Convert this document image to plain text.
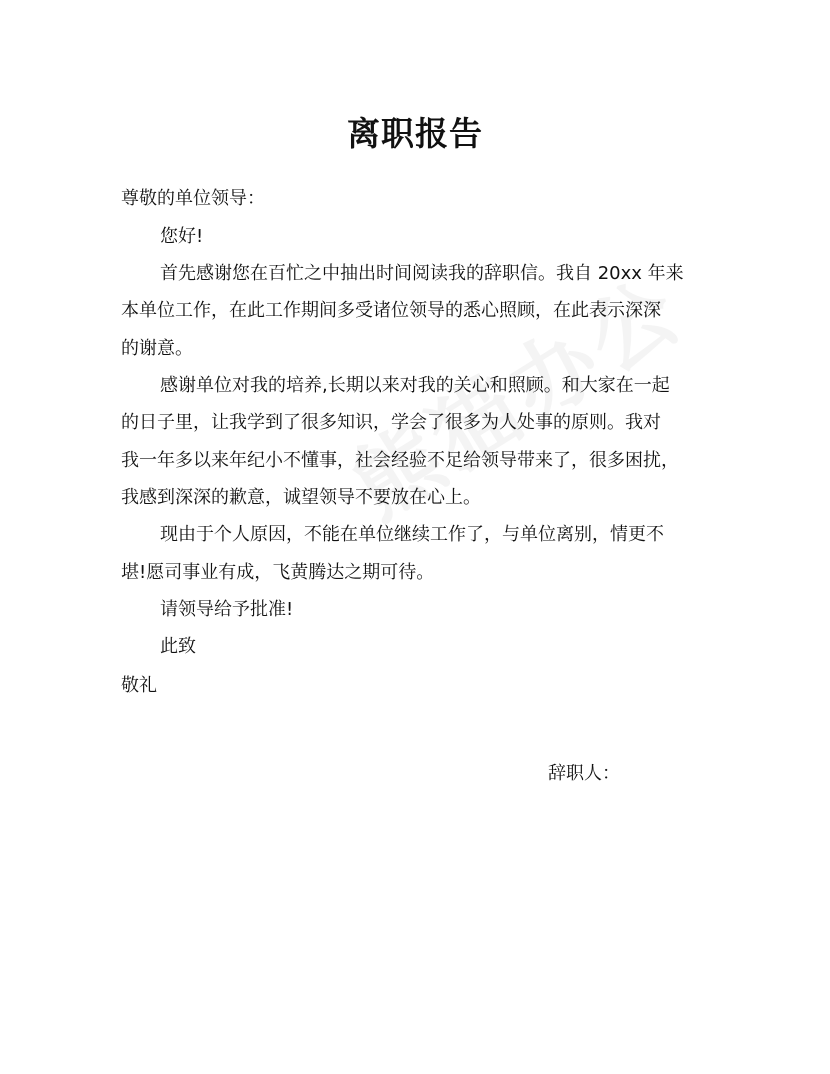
离职报告
尊敬的单位领导：
您好!
首先感谢您在百忙之中抽出时间阅读我的辞职信。我自 20xx 年来
本单位工作，在此工作期间多受诸位领导的悉心照顾，在此表示深深
的谢意。
感谢单位对我的培养,长期以来对我的关心和照顾。和大家在一起
的日子里，让我学到了很多知识，学会了很多为人处事的原则。我对
我一年多以来年纪小不懂事，社会经验不足给领导带来了，很多困扰，
我感到深深的歉意，诚望领导不要放在心上。
现由于个人原因，不能在单位继续工作了，与单位离别，情更不
堪!愿司事业有成，飞黄腾达之期可待。
请领导给予批准!
此致
敬礼
辞职人：
